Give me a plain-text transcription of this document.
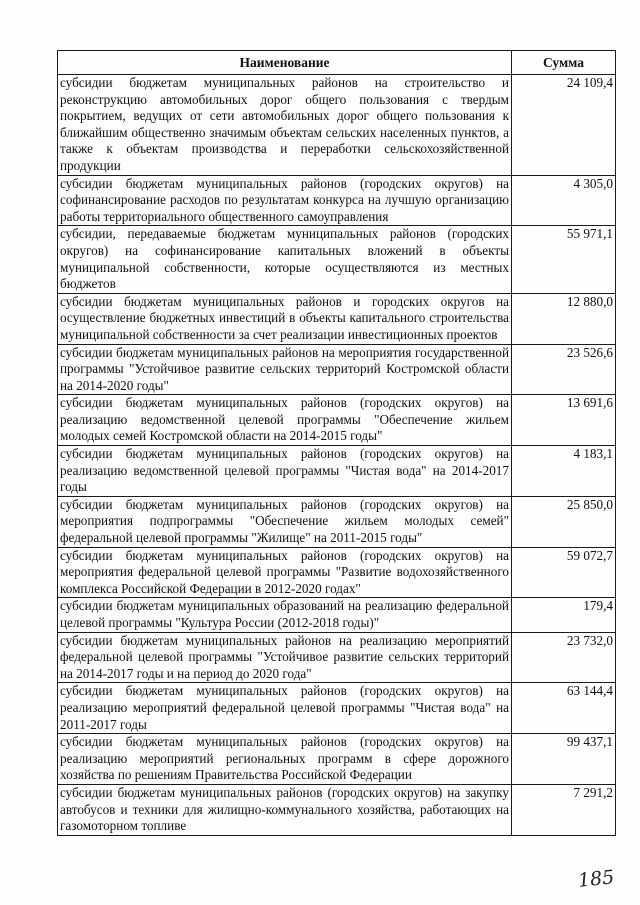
Наименование	Сумма
субсидии бюджетам муниципальных районов на строительство и реконструкцию автомобильных дорог общего пользования с твердым покрытием, ведущих от сети автомобильных дорог общего пользования к ближайшим общественно значимым объектам сельских населенных пунктов, а также к объектам производства и переработки сельскохозяйственной продукции	24 109,4
субсидии бюджетам муниципальных районов (городских округов) на софинансирование расходов по результатам конкурса на лучшую организацию работы территориального общественного самоуправления	4 305,0
субсидии, передаваемые бюджетам муниципальных районов (городских округов) на софинансирование капитальных вложений в объекты муниципальной собственности, которые осуществляются из местных бюджетов	55 971,1
субсидии бюджетам муниципальных районов и городских округов на осуществление бюджетных инвестиций в объекты капитального строительства муниципальной собственности за счет реализации инвестиционных проектов	12 880,0
субсидии бюджетам муниципальных районов на мероприятия государственной программы "Устойчивое развитие сельских территорий Костромской области на 2014-2020 годы"	23 526,6
субсидии бюджетам муниципальных районов (городских округов) на реализацию ведомственной целевой программы "Обеспечение жильем молодых семей Костромской области на 2014-2015 годы"	13 691,6
субсидии бюджетам муниципальных районов (городских округов) на реализацию ведомственной целевой программы "Чистая вода" на 2014-2017 годы	4 183,1
субсидии бюджетам муниципальных районов (городских округов) на мероприятия подпрограммы "Обеспечение жильем молодых семей" федеральной целевой программы "Жилище" на 2011-2015 годы"	25 850,0
субсидии бюджетам муниципальных районов (городских округов) на мероприятия федеральной целевой программы "Развитие водохозяйственного комплекса Российской Федерации в 2012-2020 годах"	59 072,7
субсидии бюджетам муниципальных образований на реализацию федеральной целевой программы "Культура России (2012-2018 годы)"	179,4
субсидии бюджетам муниципальных районов на реализацию мероприятий федеральной целевой программы "Устойчивое развитие сельских территорий на 2014-2017 годы и на период до 2020 года"	23 732,0
субсидии бюджетам муниципальных районов (городских округов) на реализацию мероприятий федеральной целевой программы "Чистая вода" на 2011-2017 годы	63 144,4
субсидии бюджетам муниципальных районов (городских округов) на реализацию мероприятий региональных программ в сфере дорожного хозяйства по решениям Правительства Российской Федерации	99 437,1
субсидии бюджетам муниципальных районов (городских округов) на закупку автобусов и техники для жилищно-коммунального хозяйства, работающих на газомоторном топливе	7 291,2
185
